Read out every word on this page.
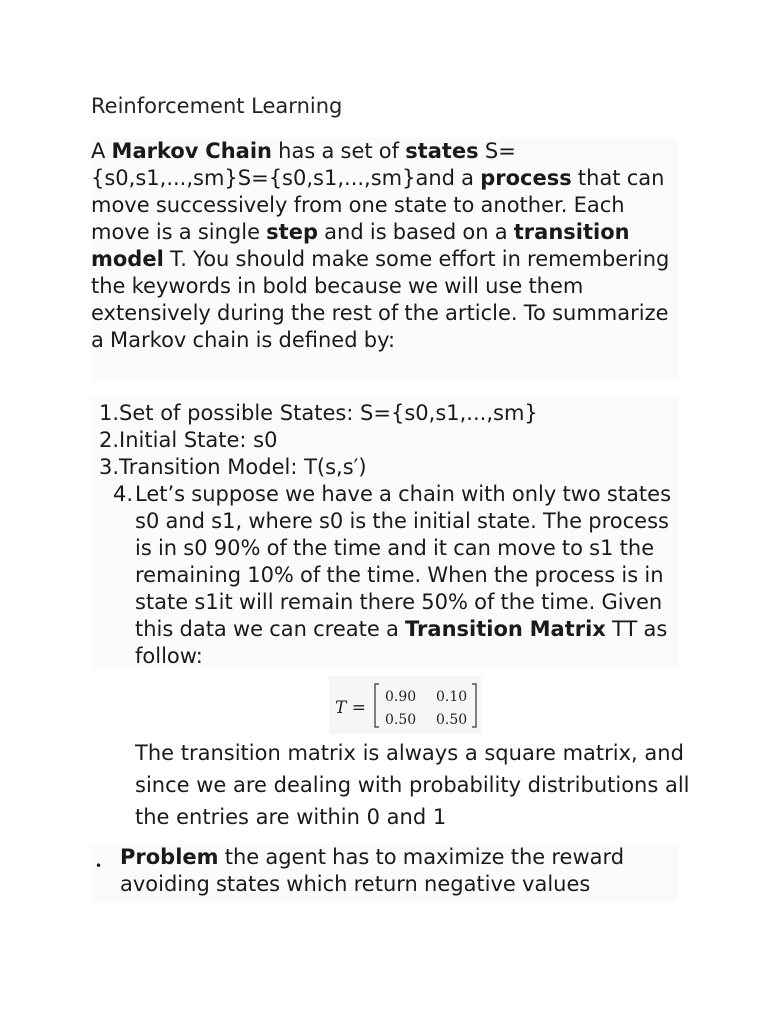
Reinforcement Learning

A Markov Chain has a set of states S={s0,s1,...,sm}S={s0,s1,...,sm}and a process that can move successively from one state to another. Each move is a single step and is based on a transition model T. You should make some effort in remembering the keywords in bold because we will use them extensively during the rest of the article. To summarize a Markov chain is defined by:

1.Set of possible States: S={s0,s1,...,sm}
2.Initial State: s0
3.Transition Model: T(s,s′)
4. Let’s suppose we have a chain with only two states s0 and s1, where s0 is the initial state. The process is in s0 90% of the time and it can move to s1 the remaining 10% of the time. When the process is in state s1it will remain there 50% of the time. Given this data we can create a Transition Matrix TT as follow:
T =
0.90 0.10
0.50 0.50

The transition matrix is always a square matrix, and since we are dealing with probability distributions all the entries are within 0 and 1

• Problem the agent has to maximize the reward avoiding states which return negative values
